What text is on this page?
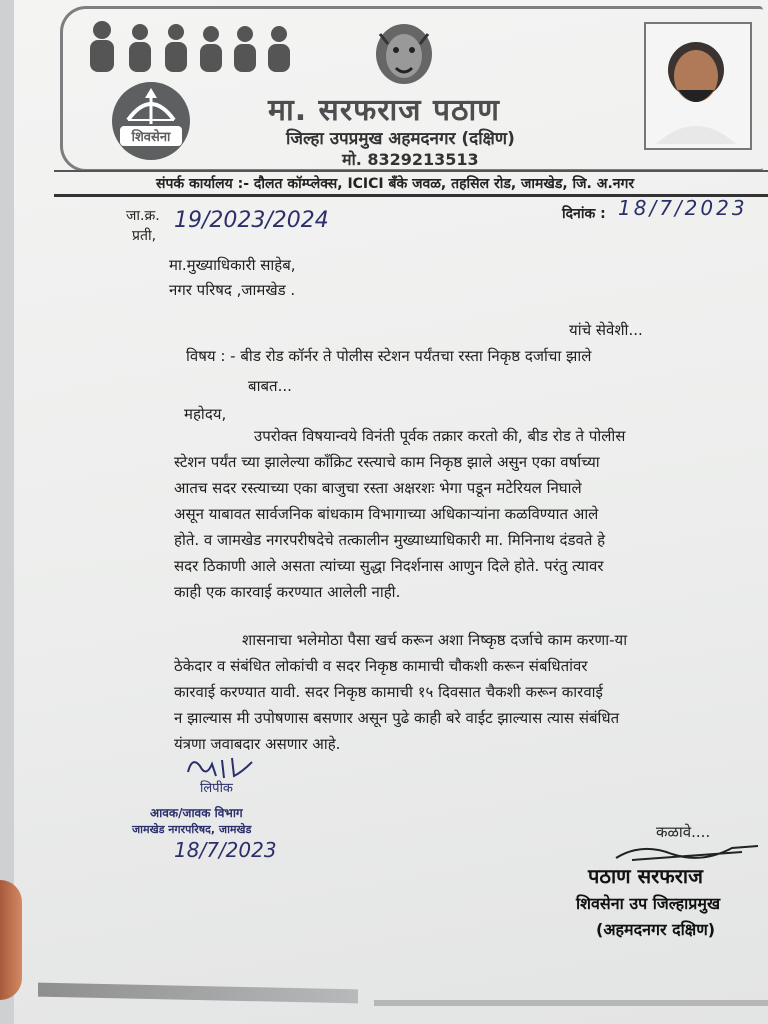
शिवसेना
मा. सरफराज पठाण
जिल्हा उपप्रमुख अहमदनगर (दक्षिण)
मो. 8329213513
संपर्क कार्यालय :- दौलत कॉम्प्लेक्स, ICICI बँके जवळ, तहसिल रोड, जामखेड, जि. अ.नगर
जा.क्र. 19/2023/2024
प्रती,
दिनांक : 18/7/2023
मा.मुख्याधिकारी साहेब,
नगर परिषद ,जामखेड .
यांचे सेवेशी...
विषय : - बीड रोड कॉर्नर ते पोलीस स्टेशन पर्यंतचा रस्ता निकृष्ठ दर्जाचा झाले
बाबत...
महोदय,
उपरोक्त विषयान्वये विनंती पूर्वक तक्रार करतो की, बीड रोड ते पोलीस
स्टेशन पर्यंत च्या झालेल्या कॉंक्रिट रस्त्याचे काम निकृष्ठ झाले असुन एका वर्षाच्या
आतच सदर रस्त्याच्या एका बाजुचा रस्ता अक्षरशः भेगा पडून मटेरियल निघाले
असून याबावत सार्वजनिक बांधकाम विभागाच्या अधिकाऱ्यांना कळविण्यात आले
होते. व जामखेड नगरपरीषदेचे तत्कालीन मुख्याध्याधिकारी मा. मिनिनाथ दंडवते हे
सदर ठिकाणी आले असता त्यांच्या सुद्धा निदर्शनास आणुन दिले होते. परंतु त्यावर
काही एक कारवाई करण्यात आलेली नाही.
शासनाचा भलेमोठा पैसा खर्च करून अशा निष्कृष्ठ दर्जाचे काम करणा-या
ठेकेदार व संबंधित लोकांची व सदर निकृष्ठ कामाची चौकशी करून संबधितांवर
कारवाई करण्यात यावी. सदर निकृष्ठ कामाची १५ दिवसात चैकशी करून कारवाई
न झाल्यास मी उपोषणास बसणार असून पुढे काही बरे वाईट झाल्यास त्यास संबंधित
यंत्रणा जवाबदार असणार आहे.
लिपीक
आवक/जावक विभाग
जामखेड नगरपरिषद, जामखेड
18/7/2023
कळावे....
पठाण सरफराज
शिवसेना उप जिल्हाप्रमुख
(अहमदनगर दक्षिण)
